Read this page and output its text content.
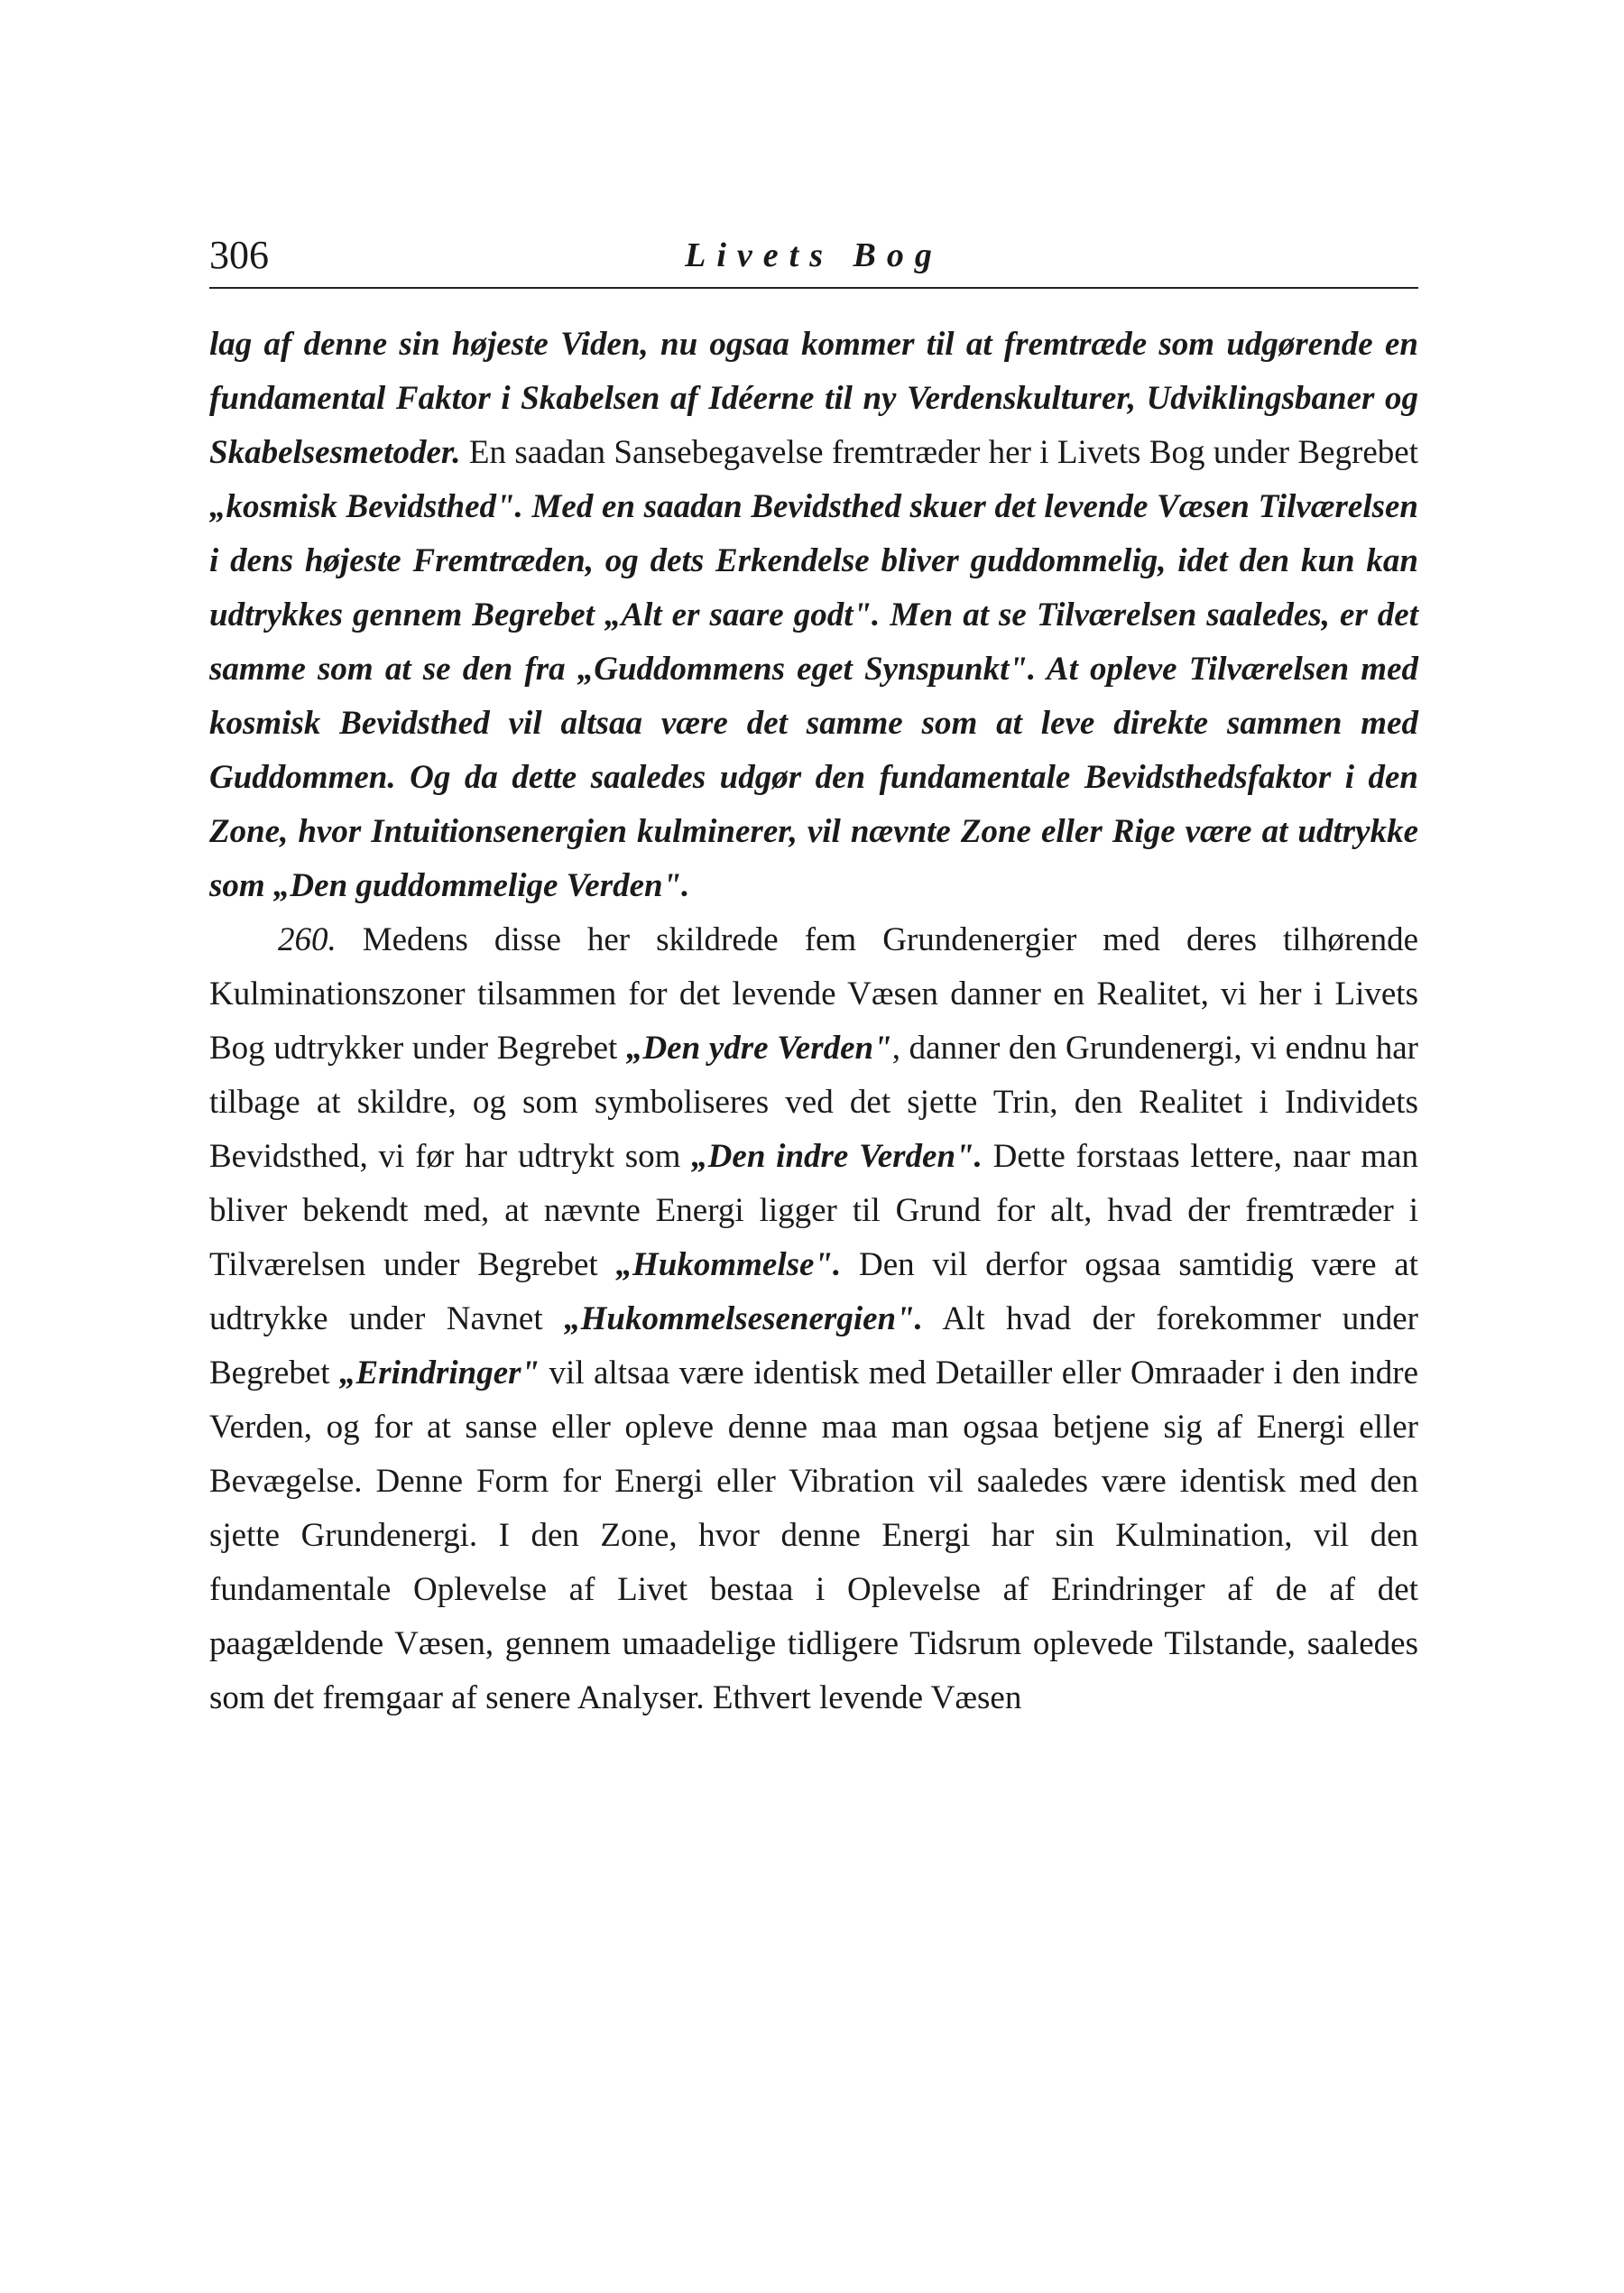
306	Livets Bog

lag af denne sin højeste Viden, nu ogsaa kommer til at fremtræde som udgørende en fundamental Faktor i Skabelsen af Idéerne til ny Verdenskulturer, Udviklingsbaner og Skabelsesmetoder. En saadan Sansebegavelse fremtræder her i Livets Bog under Begrebet „kosmisk Bevidsthed". Med en saadan Bevidsthed skuer det levende Væsen Tilværelsen i dens højeste Fremtræden, og dets Erkendelse bliver guddommelig, idet den kun kan udtrykkes gennem Begrebet „Alt er saare godt". Men at se Tilværelsen saaledes, er det samme som at se den fra „Guddommens eget Synspunkt". At opleve Tilværelsen med kosmisk Bevidsthed vil altsaa være det samme som at leve direkte sammen med Guddommen. Og da dette saaledes udgør den fundamentale Bevidsthedsfaktor i den Zone, hvor Intuitionsenergien kulminerer, vil nævnte Zone eller Rige være at udtrykke som „Den guddommelige Verden".

260. Medens disse her skildrede fem Grundenergier med deres tilhørende Kulminationszoner tilsammen for det levende Væsen danner en Realitet, vi her i Livets Bog udtrykker under Begrebet „Den ydre Verden", danner den Grundenergi, vi endnu har tilbage at skildre, og som symboliseres ved det sjette Trin, den Realitet i Individets Bevidsthed, vi før har udtrykt som „Den indre Verden". Dette forstaas lettere, naar man bliver bekendt med, at nævnte Energi ligger til Grund for alt, hvad der fremtræder i Tilværelsen under Begrebet „Hukommelse". Den vil derfor ogsaa samtidig være at udtrykke under Navnet „Hukommelsesenergien". Alt hvad der forekommer under Begrebet „Erindringer" vil altsaa være identisk med Detailler eller Omraader i den indre Verden, og for at sanse eller opleve denne maa man ogsaa betjene sig af Energi eller Bevægelse. Denne Form for Energi eller Vibration vil saaledes være identisk med den sjette Grundenergi. I den Zone, hvor denne Energi har sin Kulmination, vil den fundamentale Oplevelse af Livet bestaa i Oplevelse af Erindringer af de af det paagældende Væsen, gennem umaadelige tidligere Tidsrum oplevede Tilstande, saaledes som det fremgaar af senere Analyser. Ethvert levende Væsen
